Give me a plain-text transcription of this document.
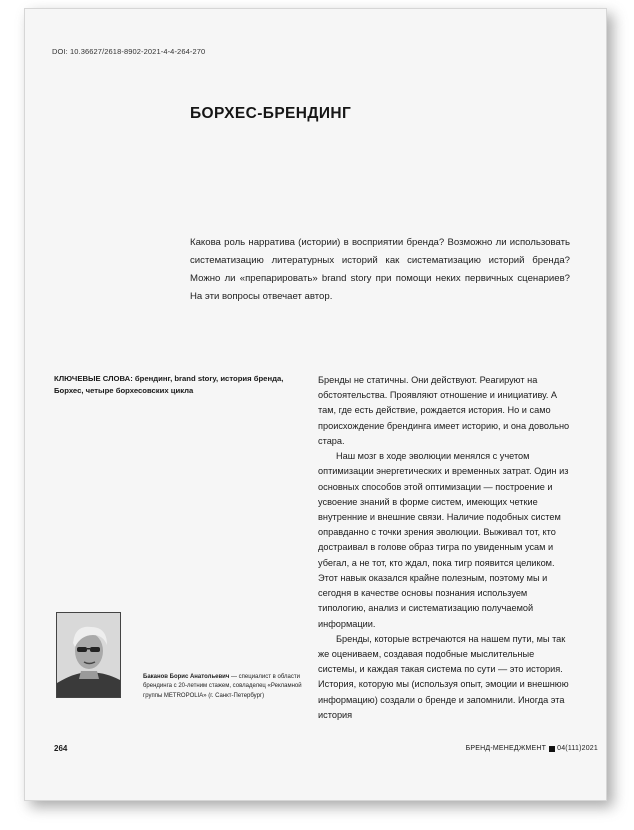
DOI: 10.36627/2618-8902-2021-4-4-264-270
БОРХЕС-БРЕНДИНГ
Какова роль нарратива (истории) в восприятии бренда? Возможно ли использовать систематизацию литературных историй как систематизацию историй бренда? Можно ли «препарировать» brand story при помощи неких первичных сценариев? На эти вопросы отвечает автор.
КЛЮЧЕВЫЕ СЛОВА: брендинг, brand story, история бренда, Борхес, четыре борхесовских цикла

Бренды не статичны. Они действуют. Реагируют на обстоятельства. Проявляют отношение и инициативу. А там, где есть действие, рождается история. Но и само происхождение брендинга имеет историю, и она довольно стара.

Наш мозг в ходе эволюции менялся с учетом оптимизации энергетических и временных затрат. Один из основных способов этой оптимизации — построение и усвоение знаний в форме систем, имеющих четкие внутренние и внешние связи. Наличие подобных систем оправданно с точки зрения эволюции. Выживал тот, кто достраивал в голове образ тигра по увиденным усам и убегал, а не тот, кто ждал, пока тигр появится целиком. Этот навык оказался крайне полезным, поэтому мы и сегодня в качестве основы познания используем типологию, анализ и систематизацию получаемой информации.

Бренды, которые встречаются на нашем пути, мы так же оцениваем, создавая подобные мыслительные системы, и каждая такая система по сути — это история. История, которую мы (используя опыт, эмоции и внешнюю информацию) создали о бренде и запомнили. Иногда эта история

Баканов Борис Анатольевич — специалист в области брендинга с 20-летним стажем, совладелец «Рекламной группы METROPOLIA» (г. Санкт-Петербург)
264	БРЕНД-МЕНЕДЖМЕНТ 04(111)2021
